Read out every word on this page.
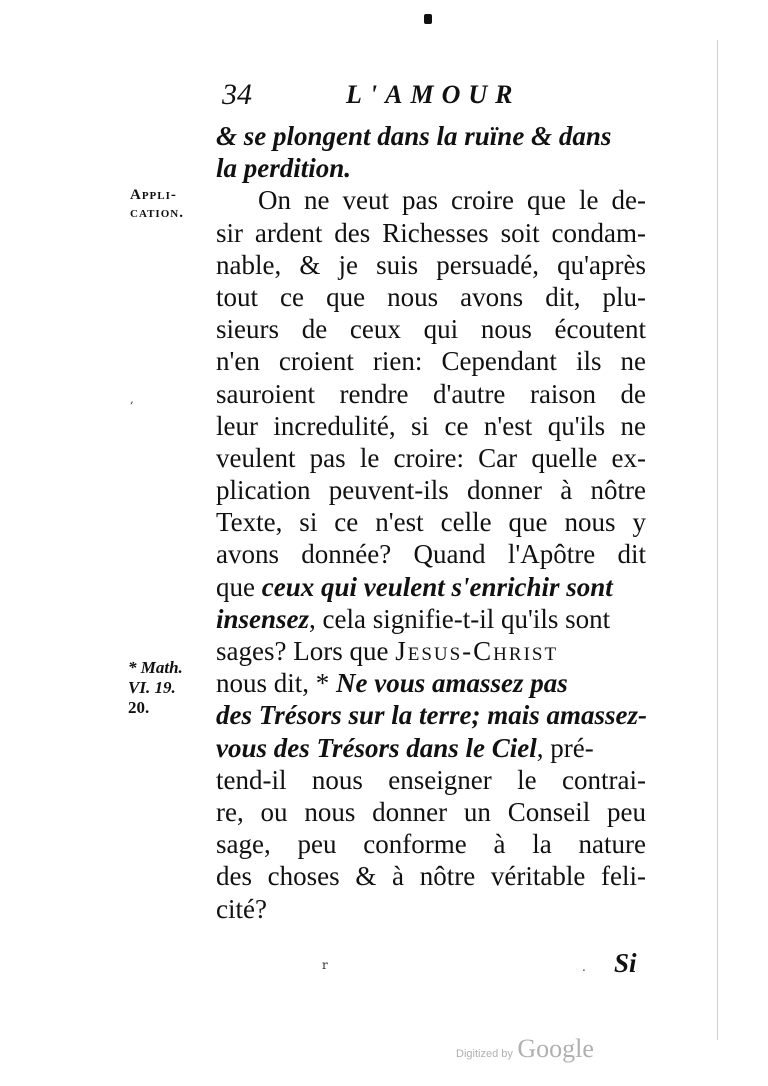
34	L'AMOUR
Appli-
cation.
* Math.
VI. 19.
20.
& se plongent dans la ruïne & dans
la perdition.
On ne veut pas croire que le de-
sir ardent des Richesses soit condam-
nable, & je suis persuadé, qu'après
tout ce que nous avons dit, plu-
sieurs de ceux qui nous écoutent
n'en croient rien: Cependant ils ne
sauroient rendre d'autre raison de
leur incredulité, si ce n'est qu'ils ne
veulent pas le croire: Car quelle ex-
plication peuvent-ils donner à nôtre
Texte, si ce n'est celle que nous y
avons donnée? Quand l'Apôtre dit
que ceux qui veulent s'enrichir sont
insensez, cela signifie-t-il qu'ils sont
sages? Lors que Jesus-Christ
nous dit, * Ne vous amassez pas
des Trésors sur la terre; mais amassez-
vous des Trésors dans le Ciel, pré-
tend-il nous enseigner le contrai-
re, ou nous donner un Conseil peu
sage, peu conforme à la nature
des choses & à nôtre véritable feli-
cité?
Si
,
r	.
Digitized by Google
